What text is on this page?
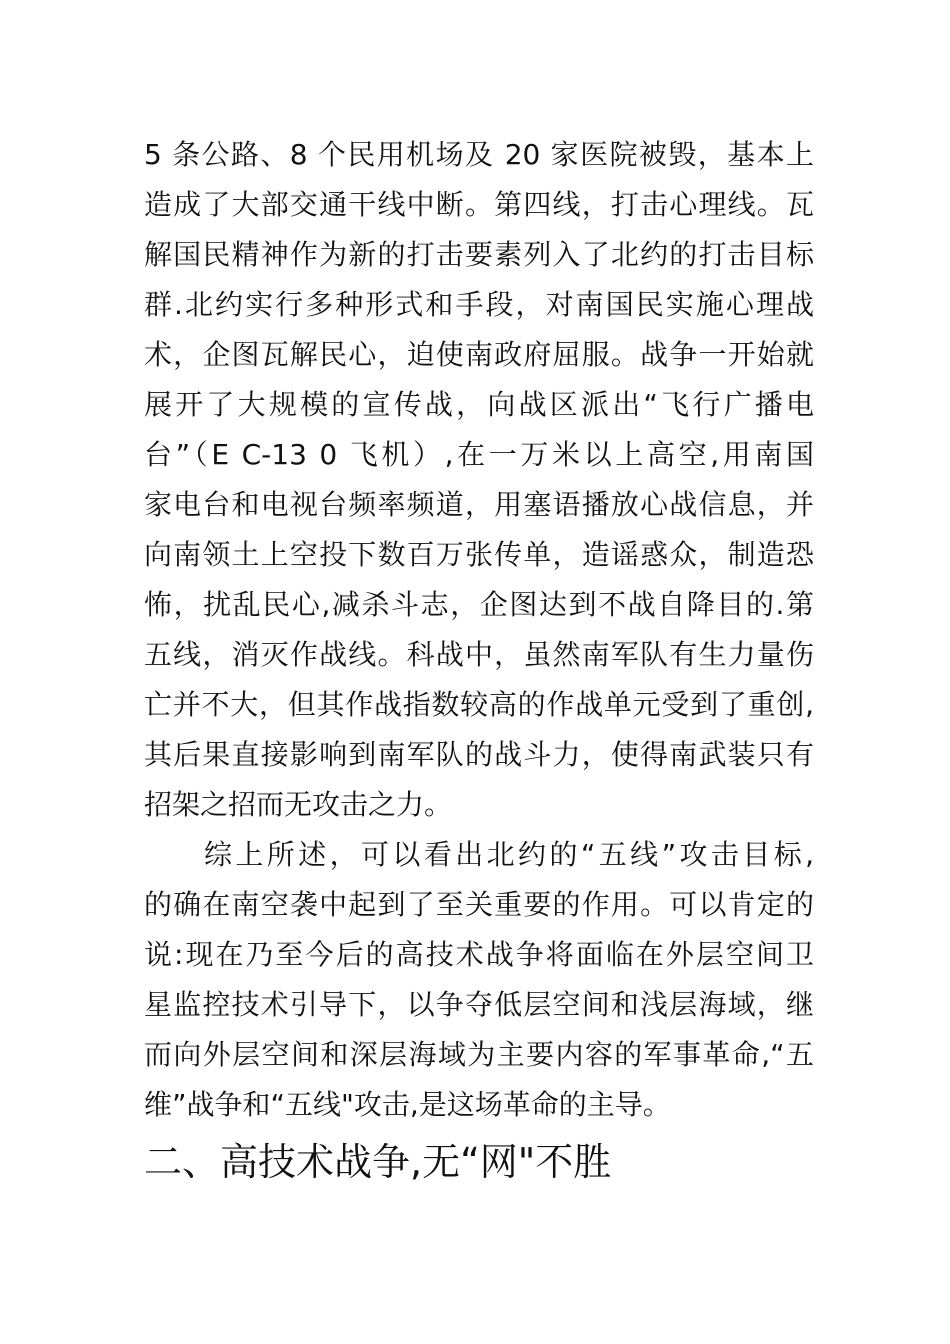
5 条公路、8 个民用机场及 20 家医院被毁，基本上
造成了大部交通干线中断。第四线，打击心理线。瓦
解国民精神作为新的打击要素列入了北约的打击目标
群.北约实行多种形式和手段，对南国民实施心理战
术，企图瓦解民心，迫使南政府屈服。战争一开始就
展开了大规模的宣传战，向战区派出“飞行广播电
台”（E C-13 0 飞机）,在一万米以上高空,用南国
家电台和电视台频率频道，用塞语播放心战信息，并
向南领土上空投下数百万张传单，造谣惑众，制造恐
怖，扰乱民心,减杀斗志，企图达到不战自降目的.第
五线，消灭作战线。科战中，虽然南军队有生力量伤
亡并不大，但其作战指数较高的作战单元受到了重创,
其后果直接影响到南军队的战斗力，使得南武装只有
招架之招而无攻击之力。
综上所述，可以看出北约的“五线”攻击目标,
的确在南空袭中起到了至关重要的作用。可以肯定的
说:现在乃至今后的高技术战争将面临在外层空间卫
星监控技术引导下，以争夺低层空间和浅层海域，继
而向外层空间和深层海域为主要内容的军事革命,“五
维”战争和“五线"攻击,是这场革命的主导。
二、高技术战争,无“网"不胜
